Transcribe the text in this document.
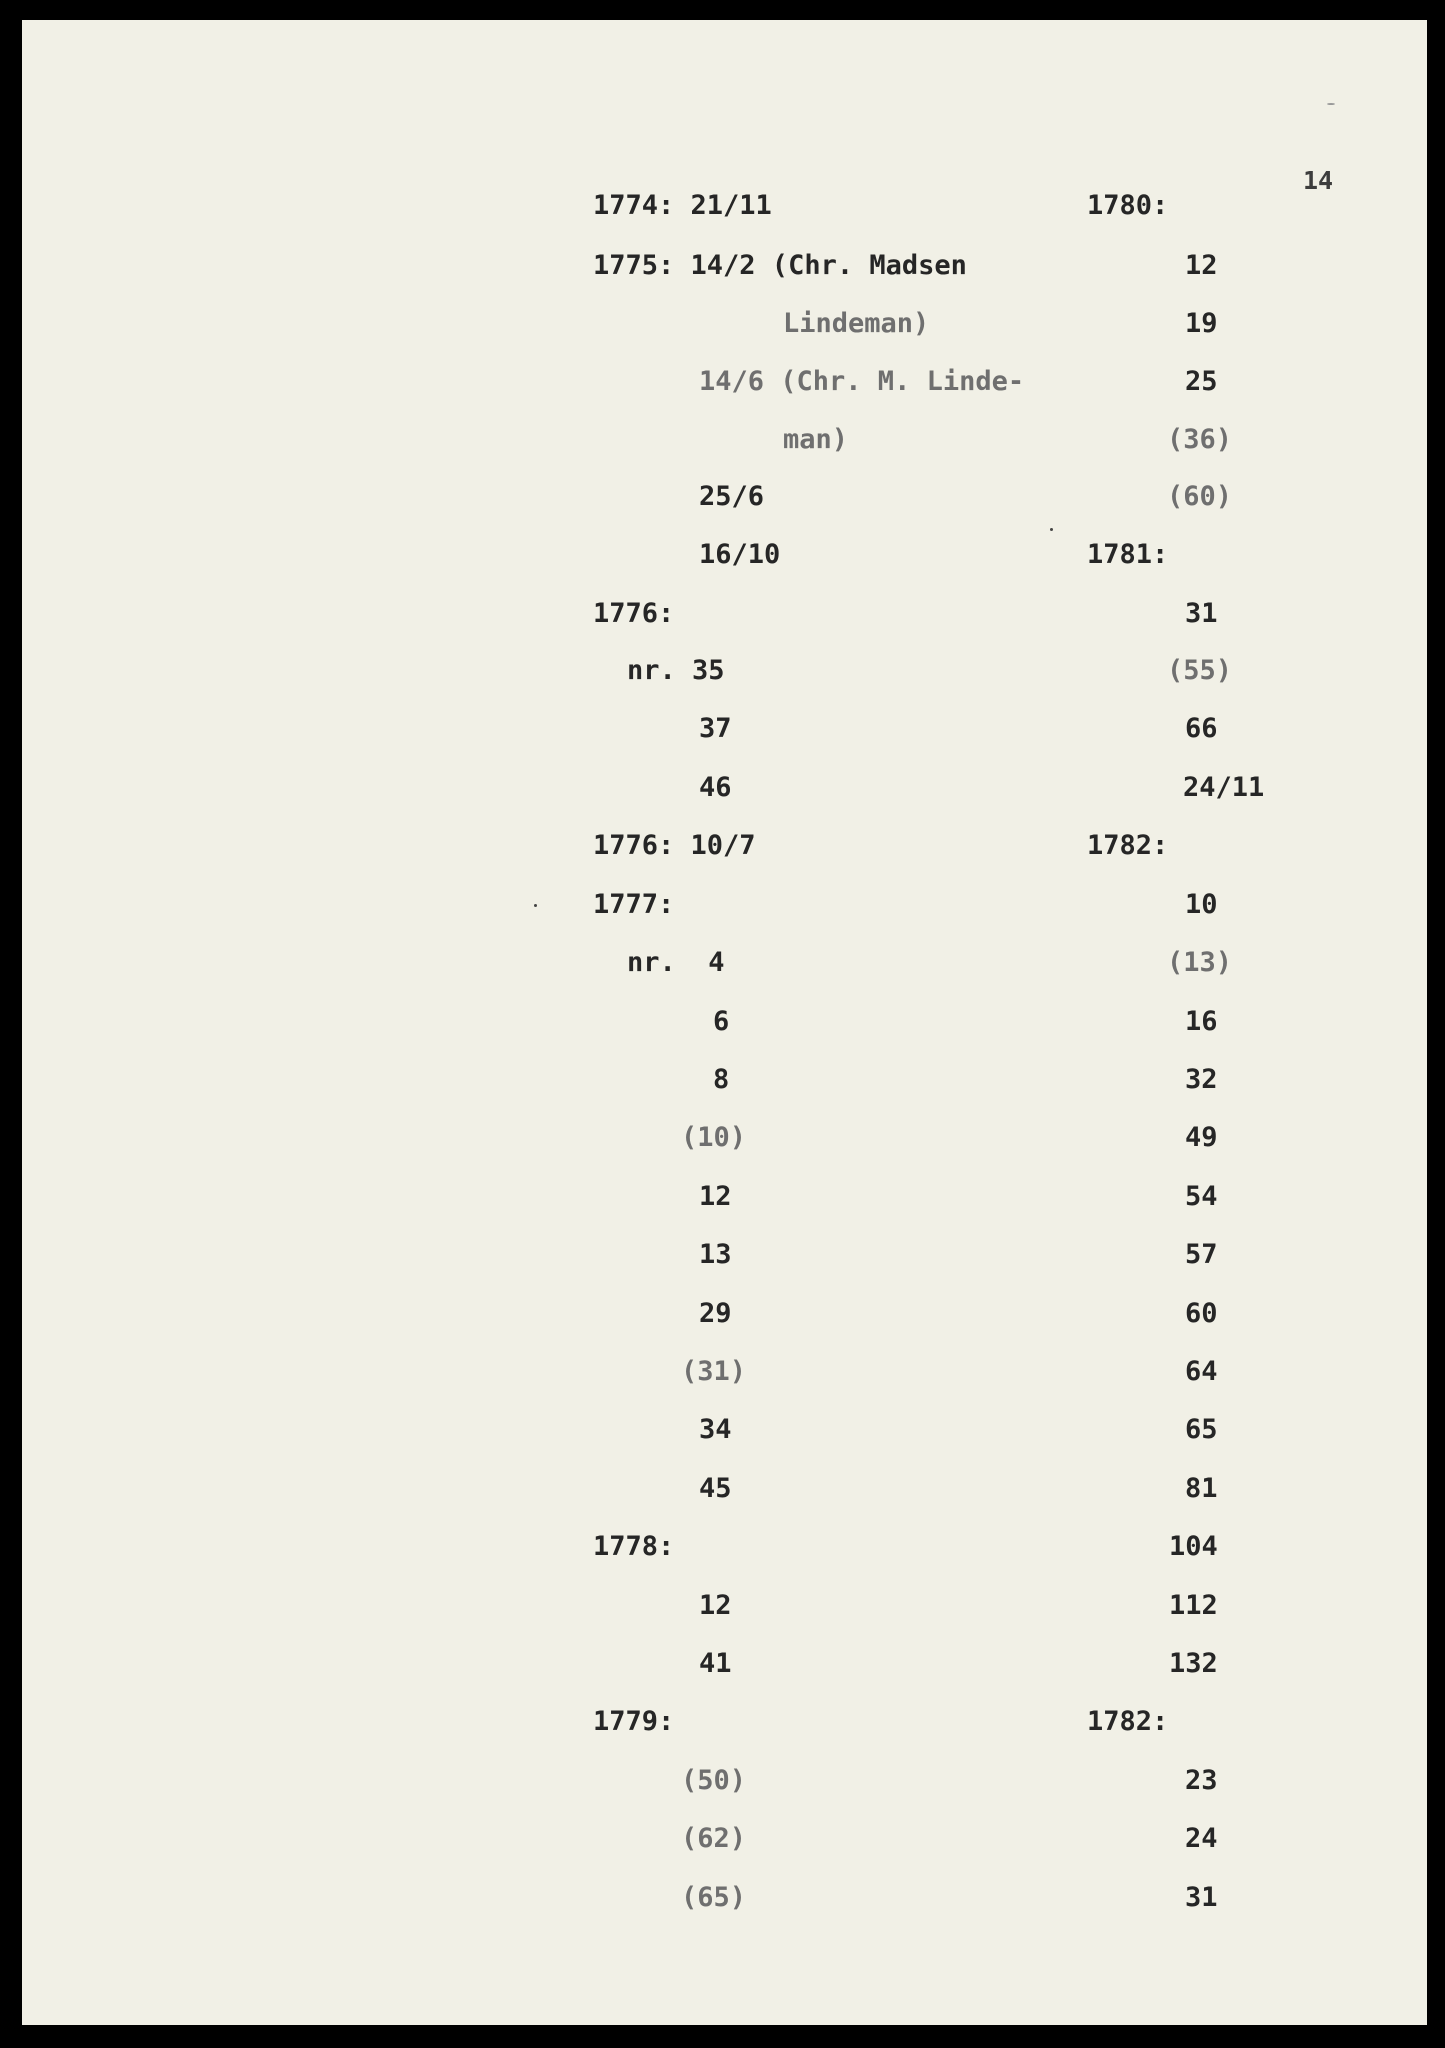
14
1774: 21/11
1775: 14/2 (Chr. Madsen
Lindeman)
14/6 (Chr. M. Linde-
man)
25/6
16/10
1776:
nr. 35
37
46
1776: 10/7
1777:
nr.  4
6
8
(10)
12
13
29
(31)
34
45
1778:
12
41
1779:
(50)
(62)
(65)
1780:
12
19
25
(36)
(60)
1781:
31
(55)
66
24/11
1782:
10
(13)
16
32
49
54
57
60
64
65
81
104
112
132
1782:
23
24
31
